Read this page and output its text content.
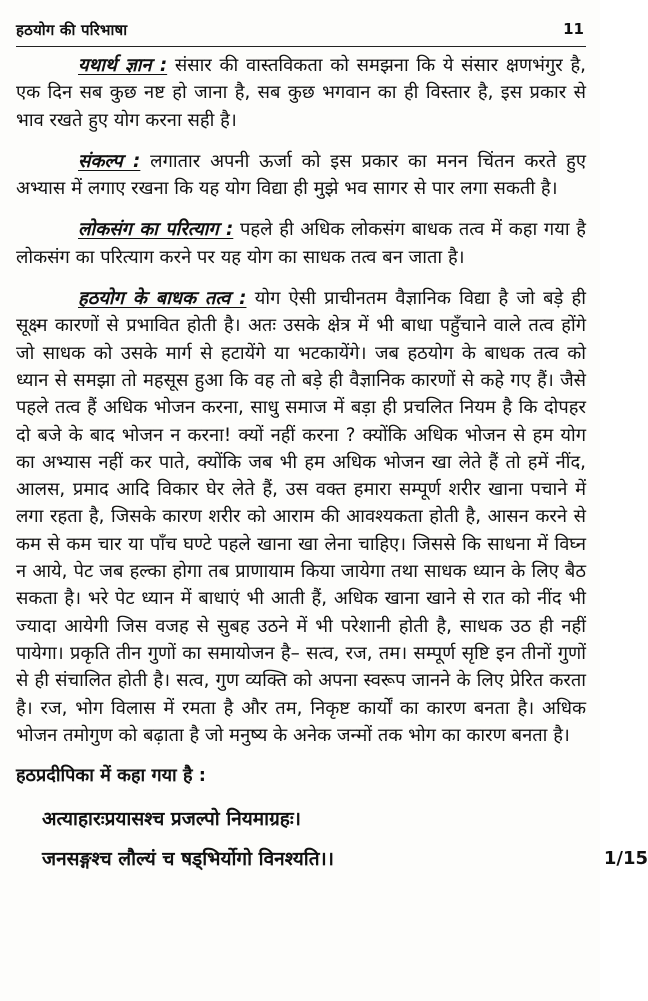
हठयोग की परिभाषा	11

यथार्थ ज्ञान : संसार की वास्तविकता को समझना कि ये संसार क्षणभंगुर है, एक दिन सब कुछ नष्ट हो जाना है, सब कुछ भगवान का ही विस्तार है, इस प्रकार से भाव रखते हुए योग करना सही है।

संकल्प : लगातार अपनी ऊर्जा को इस प्रकार का मनन चिंतन करते हुए अभ्यास में लगाए रखना कि यह योग विद्या ही मुझे भव सागर से पार लगा सकती है।

लोकसंग का परित्याग : पहले ही अधिक लोकसंग बाधक तत्व में कहा गया है लोकसंग का परित्याग करने पर यह योग का साधक तत्व बन जाता है।

हठयोग के बाधक तत्व : योग ऐसी प्राचीनतम वैज्ञानिक विद्या है जो बड़े ही सूक्ष्म कारणों से प्रभावित होती है। अतः उसके क्षेत्र में भी बाधा पहुँचाने वाले तत्व होंगे जो साधक को उसके मार्ग से हटायेंगे या भटकायेंगे। जब हठयोग के बाधक तत्व को ध्यान से समझा तो महसूस हुआ कि वह तो बड़े ही वैज्ञानिक कारणों से कहे गए हैं। जैसे पहले तत्व हैं अधिक भोजन करना, साधु समाज में बड़ा ही प्रचलित नियम है कि दोपहर दो बजे के बाद भोजन न करना! क्यों नहीं करना ? क्योंकि अधिक भोजन से हम योग का अभ्यास नहीं कर पाते, क्योंकि जब भी हम अधिक भोजन खा लेते हैं तो हमें नींद, आलस, प्रमाद आदि विकार घेर लेते हैं, उस वक्त हमारा सम्पूर्ण शरीर खाना पचाने में लगा रहता है, जिसके कारण शरीर को आराम की आवश्यकता होती है, आसन करने से कम से कम चार या पाँच घण्टे पहले खाना खा लेना चाहिए। जिससे कि साधना में विघ्न न आये, पेट जब हल्का होगा तब प्राणायाम किया जायेगा तथा साधक ध्यान के लिए बैठ सकता है। भरे पेट ध्यान में बाधाएं भी आती हैं, अधिक खाना खाने से रात को नींद भी ज्यादा आयेगी जिस वजह से सुबह उठने में भी परेशानी होती है, साधक उठ ही नहीं पायेगा। प्रकृति तीन गुणों का समायोजन है– सत्व, रज, तम। सम्पूर्ण सृष्टि इन तीनों गुणों से ही संचालित होती है। सत्व, गुण व्यक्ति को अपना स्वरूप जानने के लिए प्रेरित करता है। रज, भोग विलास में रमता है और तम, निकृष्ट कार्यों का कारण बनता है। अधिक भोजन तमोगुण को बढ़ाता है जो मनुष्य के अनेक जन्मों तक भोग का कारण बनता है।

हठप्रदीपिका में कहा गया है :
अत्याहारःप्रयासश्च प्रजल्पो नियमाग्रहः।
जनसङ्गश्च लौल्यं च षड्भिर्योगो विनश्यति।।	1/15
